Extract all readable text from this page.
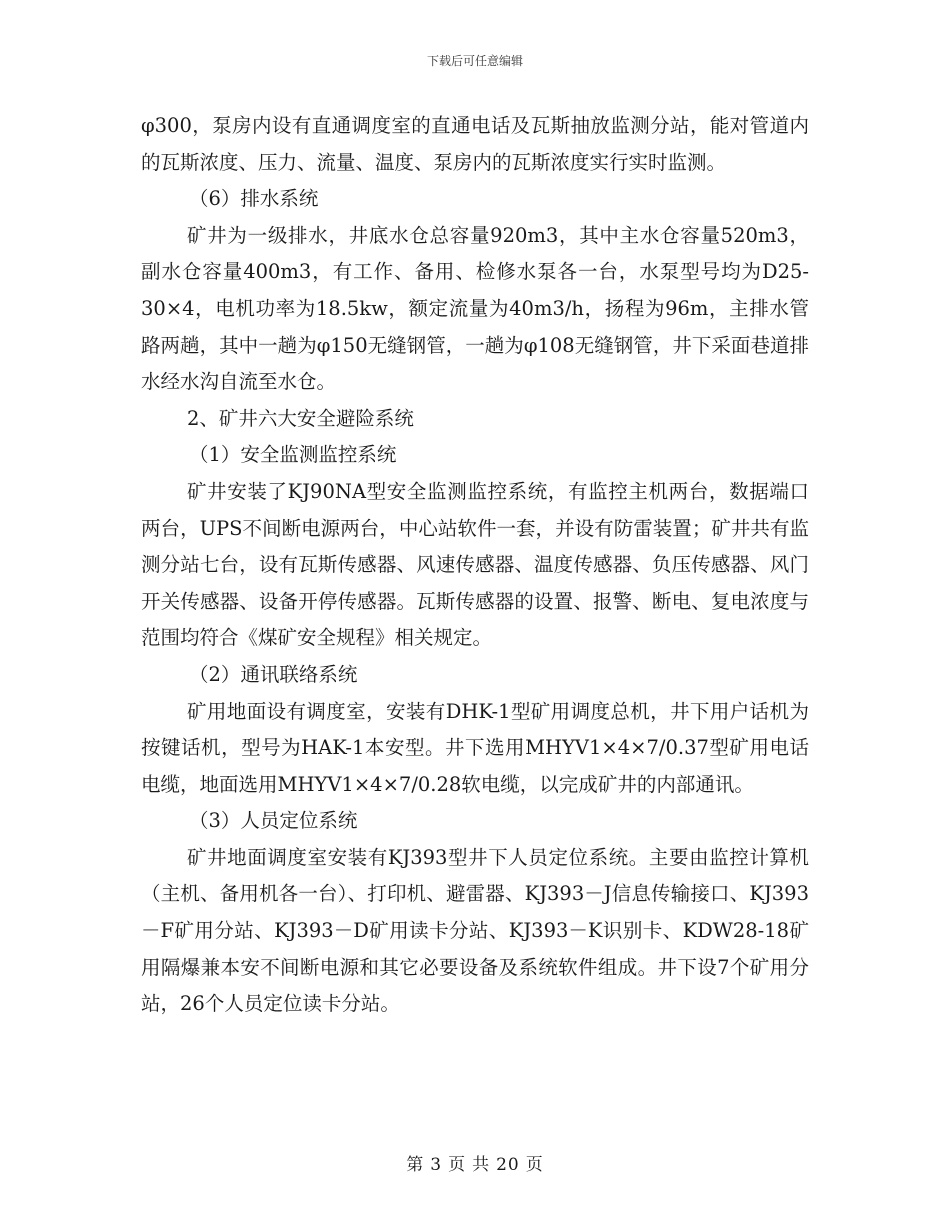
下载后可任意编辑

φ300，泵房内设有直通调度室的直通电话及瓦斯抽放监测分站，能对管道内的瓦斯浓度、压力、流量、温度、泵房内的瓦斯浓度实行实时监测。

（6）排水系统

矿井为一级排水，井底水仓总容量920m3，其中主水仓容量520m3，副水仓容量400m3，有工作、备用、检修水泵各一台，水泵型号均为D25-30×4，电机功率为18.5kw，额定流量为40m3/h，扬程为96m，主排水管路两趟，其中一趟为φ150无缝钢管，一趟为φ108无缝钢管，井下采面巷道排水经水沟自流至水仓。

2、矿井六大安全避险系统

（1）安全监测监控系统

矿井安装了KJ90NA型安全监测监控系统，有监控主机两台，数据端口两台，UPS不间断电源两台，中心站软件一套，并设有防雷装置；矿井共有监测分站七台，设有瓦斯传感器、风速传感器、温度传感器、负压传感器、风门开关传感器、设备开停传感器。瓦斯传感器的设置、报警、断电、复电浓度与范围均符合《煤矿安全规程》相关规定。

（2）通讯联络系统

矿用地面设有调度室，安装有DHK-1型矿用调度总机，井下用户话机为按键话机，型号为HAK-1本安型。井下选用MHYV1×4×7/0.37型矿用电话电缆，地面选用MHYV1×4×7/0.28软电缆，以完成矿井的内部通讯。

（3）人员定位系统

矿井地面调度室安装有KJ393型井下人员定位系统。主要由监控计算机（主机、备用机各一台）、打印机、避雷器、KJ393－J信息传输接口、KJ393－F矿用分站、KJ393－D矿用读卡分站、KJ393－K识别卡、KDW28-18矿用隔爆兼本安不间断电源和其它必要设备及系统软件组成。井下设7个矿用分站，26个人员定位读卡分站。

第 3 页 共 20 页
